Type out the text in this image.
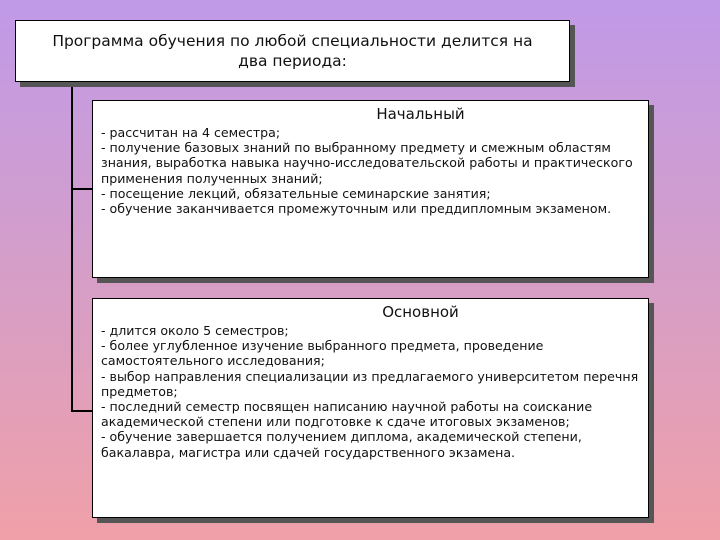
Программа обучения по любой специальности делится на
два периода:
Начальный
- рассчитан на 4 семестра;
- получение базовых знаний по выбранному предмету и смежным областям знания, выработка навыка научно-исследовательской работы и практического применения полученных знаний;
- посещение лекций, обязательные семинарские занятия;
- обучение заканчивается промежуточным или преддипломным экзаменом.
Основной
- длится около 5 семестров;
- более углубленное изучение выбранного предмета, проведение самостоятельного исследования;
- выбор направления специализации из предлагаемого университетом перечня предметов;
- последний семестр посвящен написанию научной работы на соискание академической степени или подготовке к сдаче итоговых экзаменов;
- обучение завершается получением диплома, академической степени, бакалавра, магистра или сдачей государственного экзамена.
